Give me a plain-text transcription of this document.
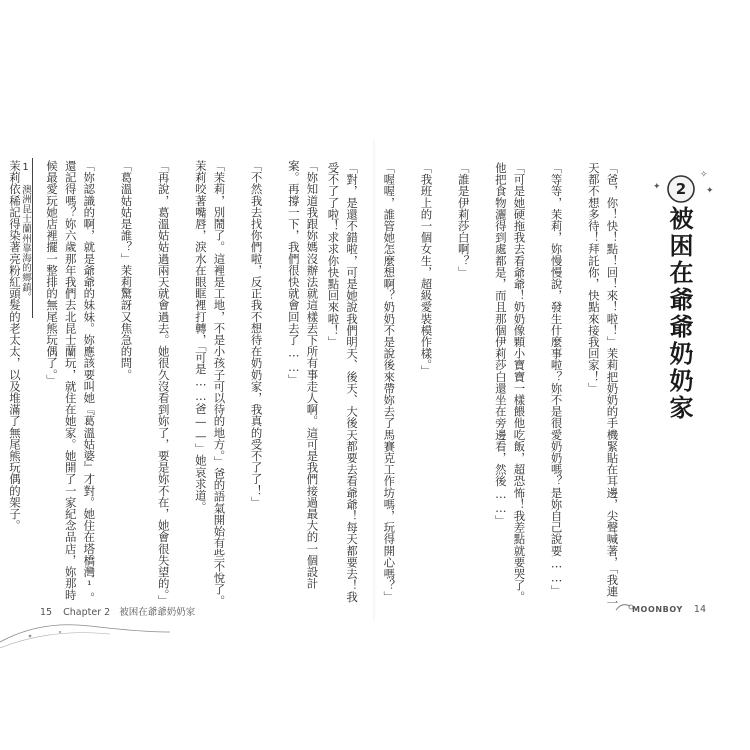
2
✦
✧
✦
被困在爺爺奶奶家

「爸，你！快！點！回！來！啦！」茉莉把奶奶的手機緊貼在耳邊，尖聲喊著，「我連一天都不想多待！拜託你，快點來接我回家！」

「等等，茉莉，妳慢慢說，發生什麼事啦？妳不是很愛奶奶嗎？是妳自己說要……」

「可是她硬拖我去看爺爺！奶奶像顆小寶寶一樣餵他吃飯，超恐怖！我差點就要哭了。他把食物灑得到處都是，而且那個伊莉莎白還坐在旁邊看，然後……」

「誰是伊莉莎白啊？」

「我班上的一個女生，超級愛裝模作樣。」

「喔喔，誰管她怎麼想啊？奶奶不是說後來帶妳去了馬賽克工作坊嗎，玩得開心嗎？」

「對，是還不錯啦，可是她說我們明天、後天、大後天都要去看爺爺！每天都要去！我受不了了啦！求求你快點回來啦！」

「妳知道我跟妳媽沒辦法就這樣丟下所有事走人啊。這可是我們接過最大的一個設計案。再撐一下，我們很快就會回去了……」

「不然我去找你們啦，反正我不想待在奶奶家，我真的受不了了！」

「茉莉，別鬧了。這裡是工地，不是小孩子可以待的地方。」爸的語氣開始有些不悅了。茉莉咬著嘴唇，淚水在眼眶裡打轉，「可是……爸——」她哀求道。

「再說，葛溫姑姑過兩天就會過去。她很久沒看到妳了，要是妳不在，她會很失望的。」

「葛溫姑姑是誰？」茉莉驚訝又焦急的問。

「妳認識的啊，就是爺爺的妹妹。妳應該要叫她『葛溫姑婆』才對。她住在塔橋灣¹。還記得嗎？妳六歲那年我們去北昆士蘭玩，就住在她家。她開了一家紀念品店，妳那時候最愛玩她店裡擺一整排的無尾熊玩偶了。」

茉莉依稀記得染著亮粉紅頭髮的老太太，以及堆滿了無尾熊玩偶的架子。

1 澳洲昆士蘭州靠海的鄉鎮。
15 Chapter 2 被困在爺爺奶奶家	MOONBOY 14
